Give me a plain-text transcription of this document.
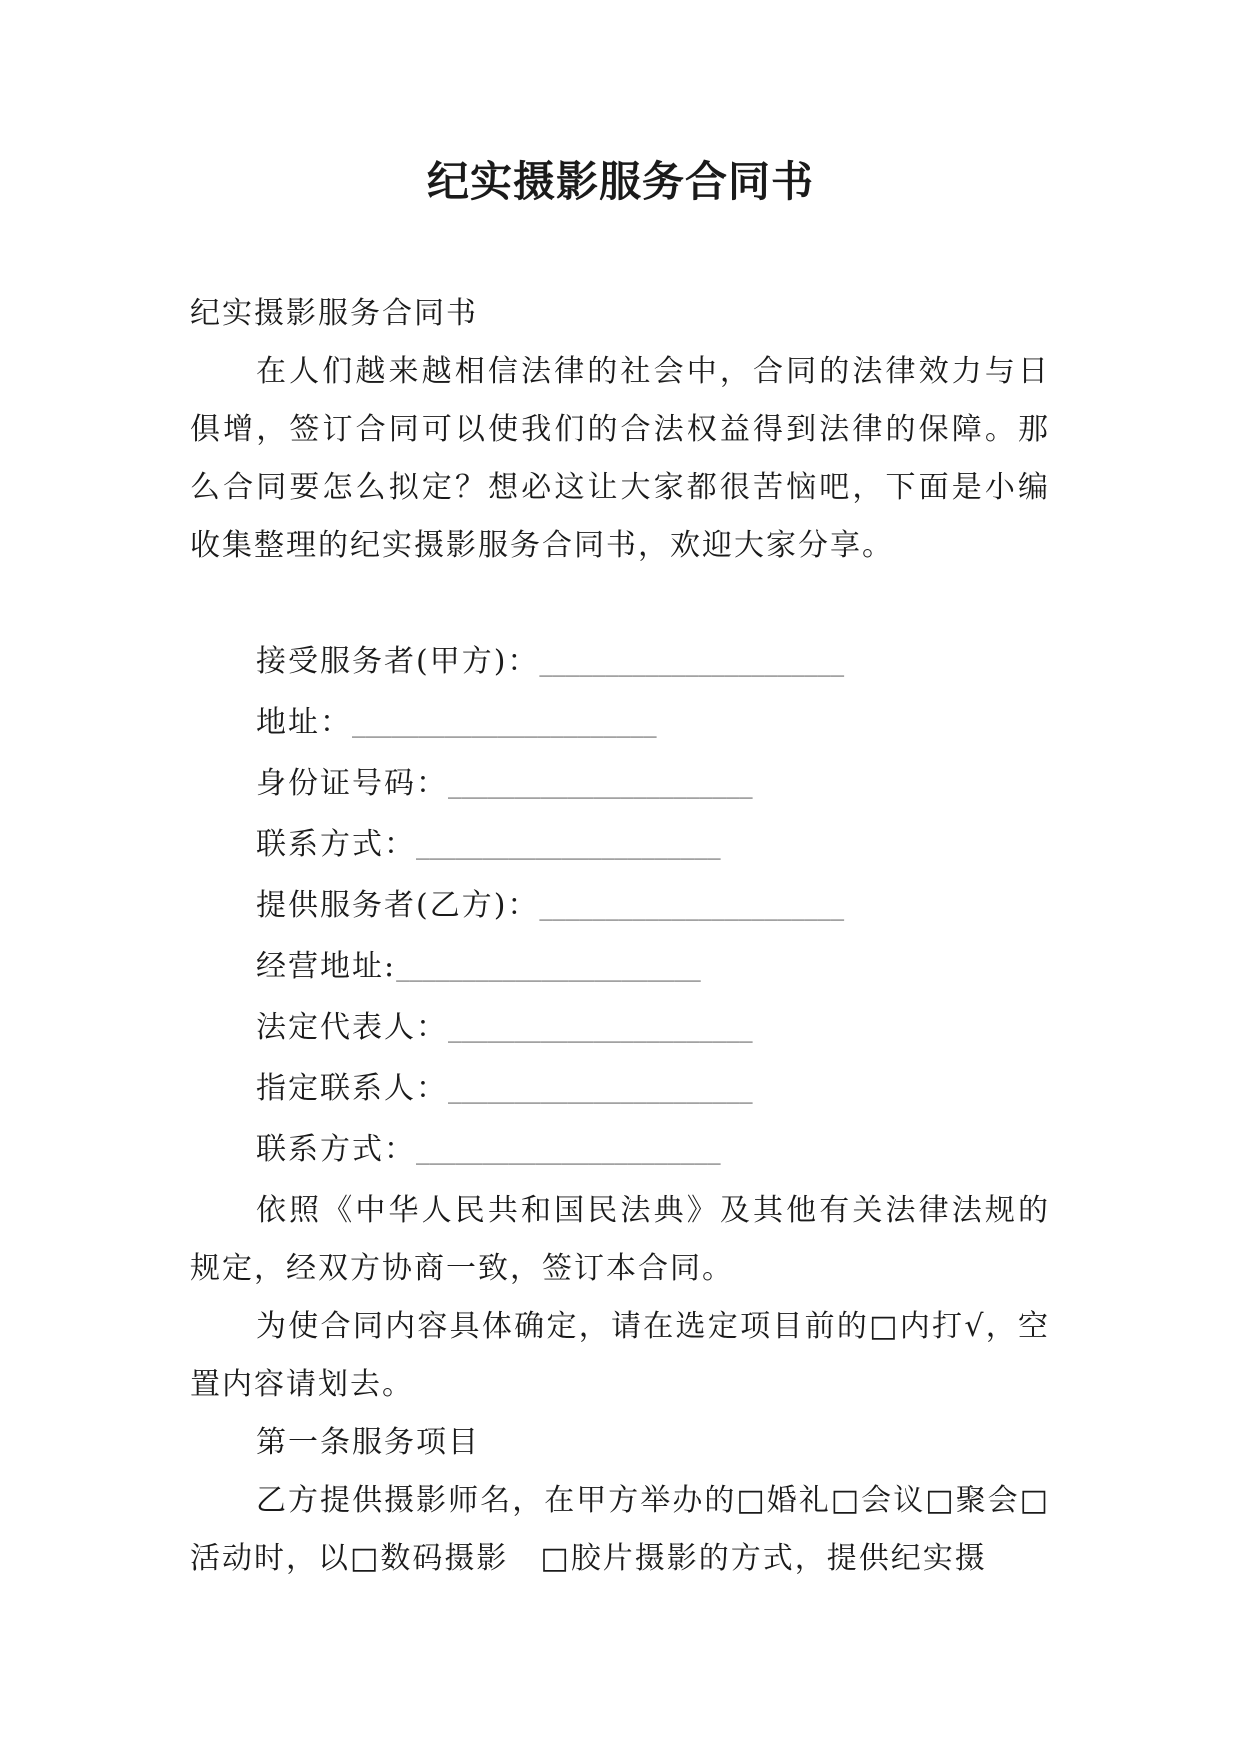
纪实摄影服务合同书

纪实摄影服务合同书

在人们越来越相信法律的社会中，合同的法律效力与日俱增，签订合同可以使我们的合法权益得到法律的保障。那么合同要怎么拟定？想必这让大家都很苦恼吧，下面是小编收集整理的纪实摄影服务合同书，欢迎大家分享。

接受服务者(甲方)：_______________________
地址：_______________________
身份证号码：_______________________
联系方式：_______________________
提供服务者(乙方)：_______________________
经营地址:_______________________
法定代表人：_______________________
指定联系人：_______________________
联系方式：_______________________

依照《中华人民共和国民法典》及其他有关法律法规的规定，经双方协商一致，签订本合同。

为使合同内容具体确定，请在选定项目前的□内打√，空置内容请划去。

第一条服务项目

乙方提供摄影师名，在甲方举办的□婚礼□会议□聚会□活动时，以□数码摄影　□胶片摄影的方式，提供纪实摄
